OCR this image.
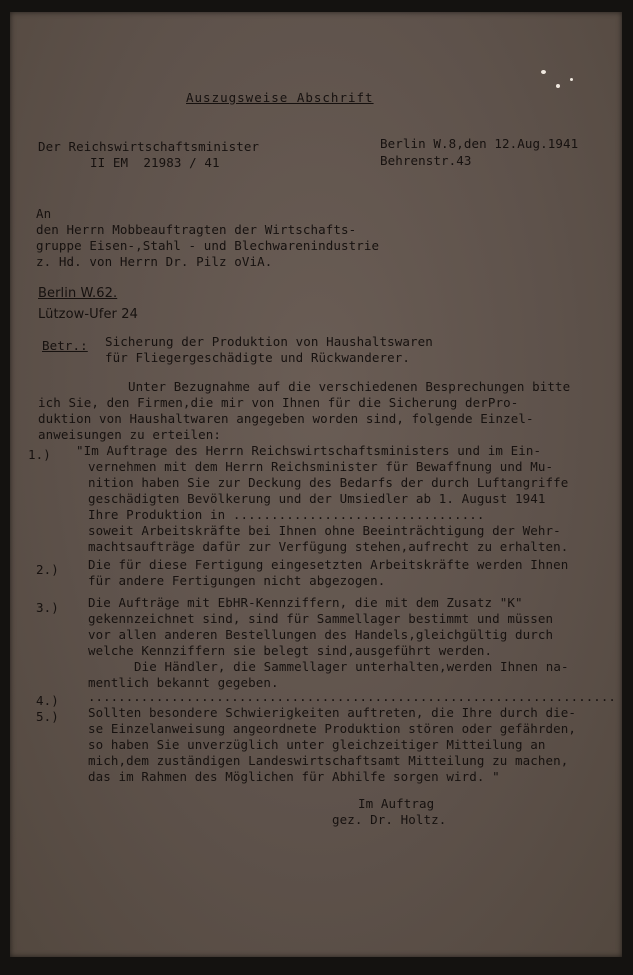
Auszugsweise Abschrift
Der Reichswirtschaftsminister
II EM  21983 / 41
Berlin W.8,den 12.Aug.1941
Behrenstr.43
An
den Herrn Mobbeauftragten der Wirtschafts-
gruppe Eisen-,Stahl - und Blechwarenindustrie
z. Hd. von Herrn Dr. Pilz oViA.
Berlin W.62.
Lützow-Ufer 24
Betr.: Sicherung der Produktion von Haushaltswaren
für Fliegergeschädigte und Rückwanderer.
Unter Bezugnahme auf die verschiedenen Besprechungen bitte
ich Sie, den Firmen,die mir von Ihnen für die Sicherung derPro-
duktion von Haushaltwaren angegeben worden sind, folgende Einzel-
anweisungen zu erteilen:
1.) "Im Auftrage des Herrn Reichswirtschaftsministers und im Ein-
vernehmen mit dem Herrn Reichsminister für Bewaffnung und Mu-
nition haben Sie zur Deckung des Bedarfs der durch Luftangriffe
geschädigten Bevölkerung und der Umsiedler ab 1. August 1941
Ihre Produktion in .................................
soweit Arbeitskräfte bei Ihnen ohne Beeinträchtigung der Wehr-
machtsaufträge dafür zur Verfügung stehen,aufrecht zu erhalten.
2.) Die für diese Fertigung eingesetzten Arbeitskräfte werden Ihnen
für andere Fertigungen nicht abgezogen.
3.) Die Aufträge mit EbHR-Kennziffern, die mit dem Zusatz "K"
gekennzeichnet sind, sind für Sammellager bestimmt und müssen
vor allen anderen Bestellungen des Handels,gleichgültig durch
welche Kennziffern sie belegt sind,ausgeführt werden.
Die Händler, die Sammellager unterhalten,werden Ihnen na-
mentlich bekannt gegeben.
4.) ......................................................................
5.) Sollten besondere Schwierigkeiten auftreten, die Ihre durch die-
se Einzelanweisung angeordnete Produktion stören oder gefährden,
so haben Sie unverzüglich unter gleichzeitiger Mitteilung an
mich,dem zuständigen Landeswirtschaftsamt Mitteilung zu machen,
das im Rahmen des Möglichen für Abhilfe sorgen wird. "
Im Auftrag
gez. Dr. Holtz.
